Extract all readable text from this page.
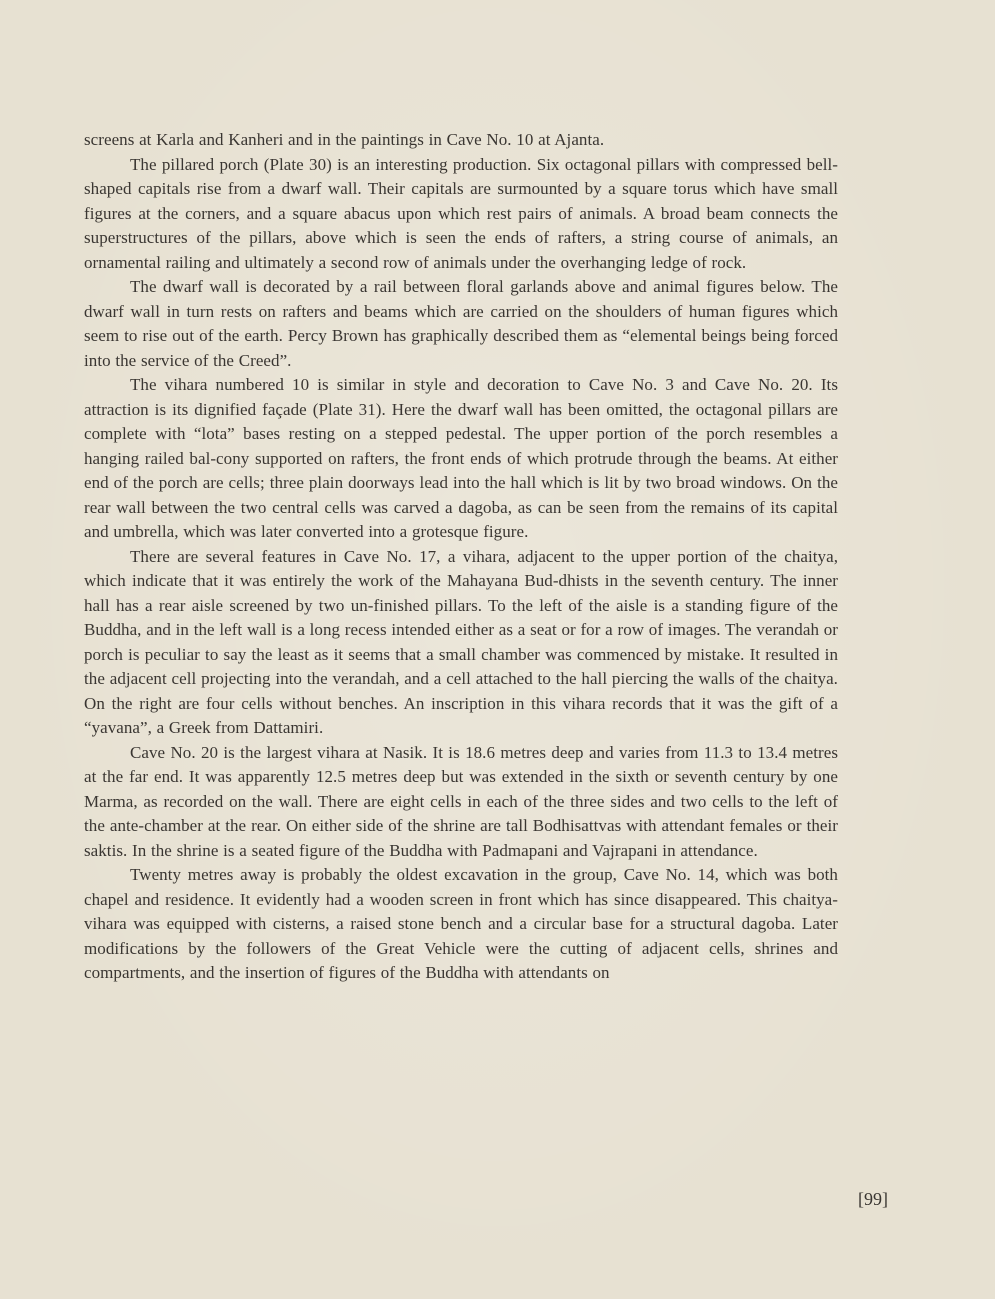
screens at Karla and Kanheri and in the paintings in Cave No. 10 at Ajanta.

The pillared porch (Plate 30) is an interesting production. Six octagonal pillars with compressed bell-shaped capitals rise from a dwarf wall. Their capitals are surmounted by a square torus which have small figures at the corners, and a square abacus upon which rest pairs of animals. A broad beam connects the superstructures of the pillars, above which is seen the ends of rafters, a string course of animals, an ornamental railing and ultimately a second row of animals under the overhanging ledge of rock.

The dwarf wall is decorated by a rail between floral garlands above and animal figures below. The dwarf wall in turn rests on rafters and beams which are carried on the shoulders of human figures which seem to rise out of the earth. Percy Brown has graphically described them as “elemental beings being forced into the service of the Creed”.

The vihara numbered 10 is similar in style and decoration to Cave No. 3 and Cave No. 20. Its attraction is its dignified façade (Plate 31). Here the dwarf wall has been omitted, the octagonal pillars are complete with “lota” bases resting on a stepped pedestal. The upper portion of the porch resembles a hanging railed bal-cony supported on rafters, the front ends of which protrude through the beams. At either end of the porch are cells; three plain doorways lead into the hall which is lit by two broad windows. On the rear wall between the two central cells was carved a dagoba, as can be seen from the remains of its capital and umbrella, which was later converted into a grotesque figure.

There are several features in Cave No. 17, a vihara, adjacent to the upper portion of the chaitya, which indicate that it was entirely the work of the Mahayana Bud-dhists in the seventh century. The inner hall has a rear aisle screened by two un-finished pillars. To the left of the aisle is a standing figure of the Buddha, and in the left wall is a long recess intended either as a seat or for a row of images. The verandah or porch is peculiar to say the least as it seems that a small chamber was commenced by mistake. It resulted in the adjacent cell projecting into the verandah, and a cell attached to the hall piercing the walls of the chaitya. On the right are four cells without benches. An inscription in this vihara records that it was the gift of a “yavana”, a Greek from Dattamiri.

Cave No. 20 is the largest vihara at Nasik. It is 18.6 metres deep and varies from 11.3 to 13.4 metres at the far end. It was apparently 12.5 metres deep but was extended in the sixth or seventh century by one Marma, as recorded on the wall. There are eight cells in each of the three sides and two cells to the left of the ante-chamber at the rear. On either side of the shrine are tall Bodhisattvas with attendant females or their saktis. In the shrine is a seated figure of the Buddha with Padmapani and Vajrapani in attendance.

Twenty metres away is probably the oldest excavation in the group, Cave No. 14, which was both chapel and residence. It evidently had a wooden screen in front which has since disappeared. This chaitya-vihara was equipped with cisterns, a raised stone bench and a circular base for a structural dagoba. Later modifications by the followers of the Great Vehicle were the cutting of adjacent cells, shrines and compartments, and the insertion of figures of the Buddha with attendants on

[99]
